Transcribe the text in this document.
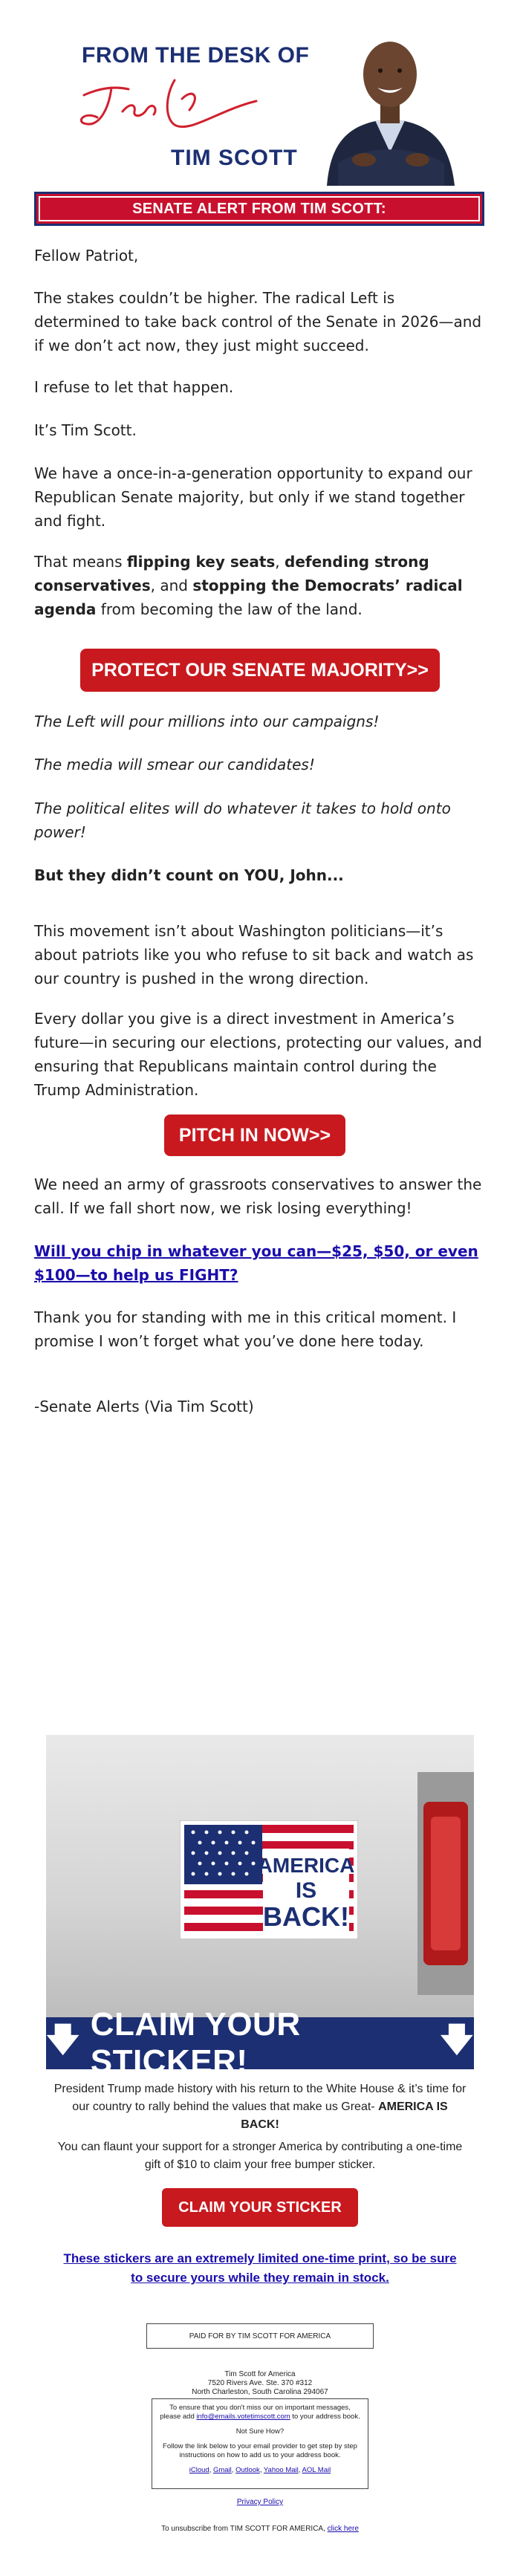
FROM THE DESK OF
TIM SCOTT
SENATE ALERT FROM TIM SCOTT:
Fellow Patriot,
The stakes couldn’t be higher. The radical Left is determined to take back control of the Senate in 2026—and if we don’t act now, they just might succeed.
I refuse to let that happen.
It’s Tim Scott.
We have a once-in-a-generation opportunity to expand our Republican Senate majority, but only if we stand together and fight.
That means flipping key seats, defending strong conservatives, and stopping the Democrats’ radical agenda from becoming the law of the land.
PROTECT OUR SENATE MAJORITY>>
The Left will pour millions into our campaigns!
The media will smear our candidates!
The political elites will do whatever it takes to hold onto power!
But they didn’t count on YOU, John...
This movement isn’t about Washington politicians—it’s about patriots like you who refuse to sit back and watch as our country is pushed in the wrong direction.
Every dollar you give is a direct investment in America’s future—in securing our elections, protecting our values, and ensuring that Republicans maintain control during the Trump Administration.
PITCH IN NOW>>
We need an army of grassroots conservatives to answer the call. If we fall short now, we risk losing everything!
Will you chip in whatever you can—$25, $50, or even $100—to help us FIGHT?
Thank you for standing with me in this critical moment. I promise I won’t forget what you’ve done here today.
-Senate Alerts (Via Tim Scott)
AMERICA
IS
BACK!
🡇 CLAIM YOUR STICKER!
🡇
President Trump made history with his return to the White House & it’s time for our country to rally behind the values that make us Great- AMERICA IS BACK!
You can flaunt your support for a stronger America by contributing a one-time gift of $10 to claim your free bumper sticker.
CLAIM YOUR STICKER
These stickers are an extremely limited one-time print, so be sure to secure yours while they remain in stock.
PAID FOR BY TIM SCOTT FOR AMERICA
Tim Scott for America
7520 Rivers Ave. Ste. 370 #312
North Charleston, South Carolina 294067
To ensure that you don't miss our on important messages, please add info@emails.votetimscott.com to your address book.
Not Sure How?
Follow the link below to your email provider to get step by step instructions on how to add us to your address book.
iCloud, Gmail, Outlook, Yahoo Mail, AOL Mail
Privacy Policy
To unsubscribe from TIM SCOTT FOR AMERICA, click here
